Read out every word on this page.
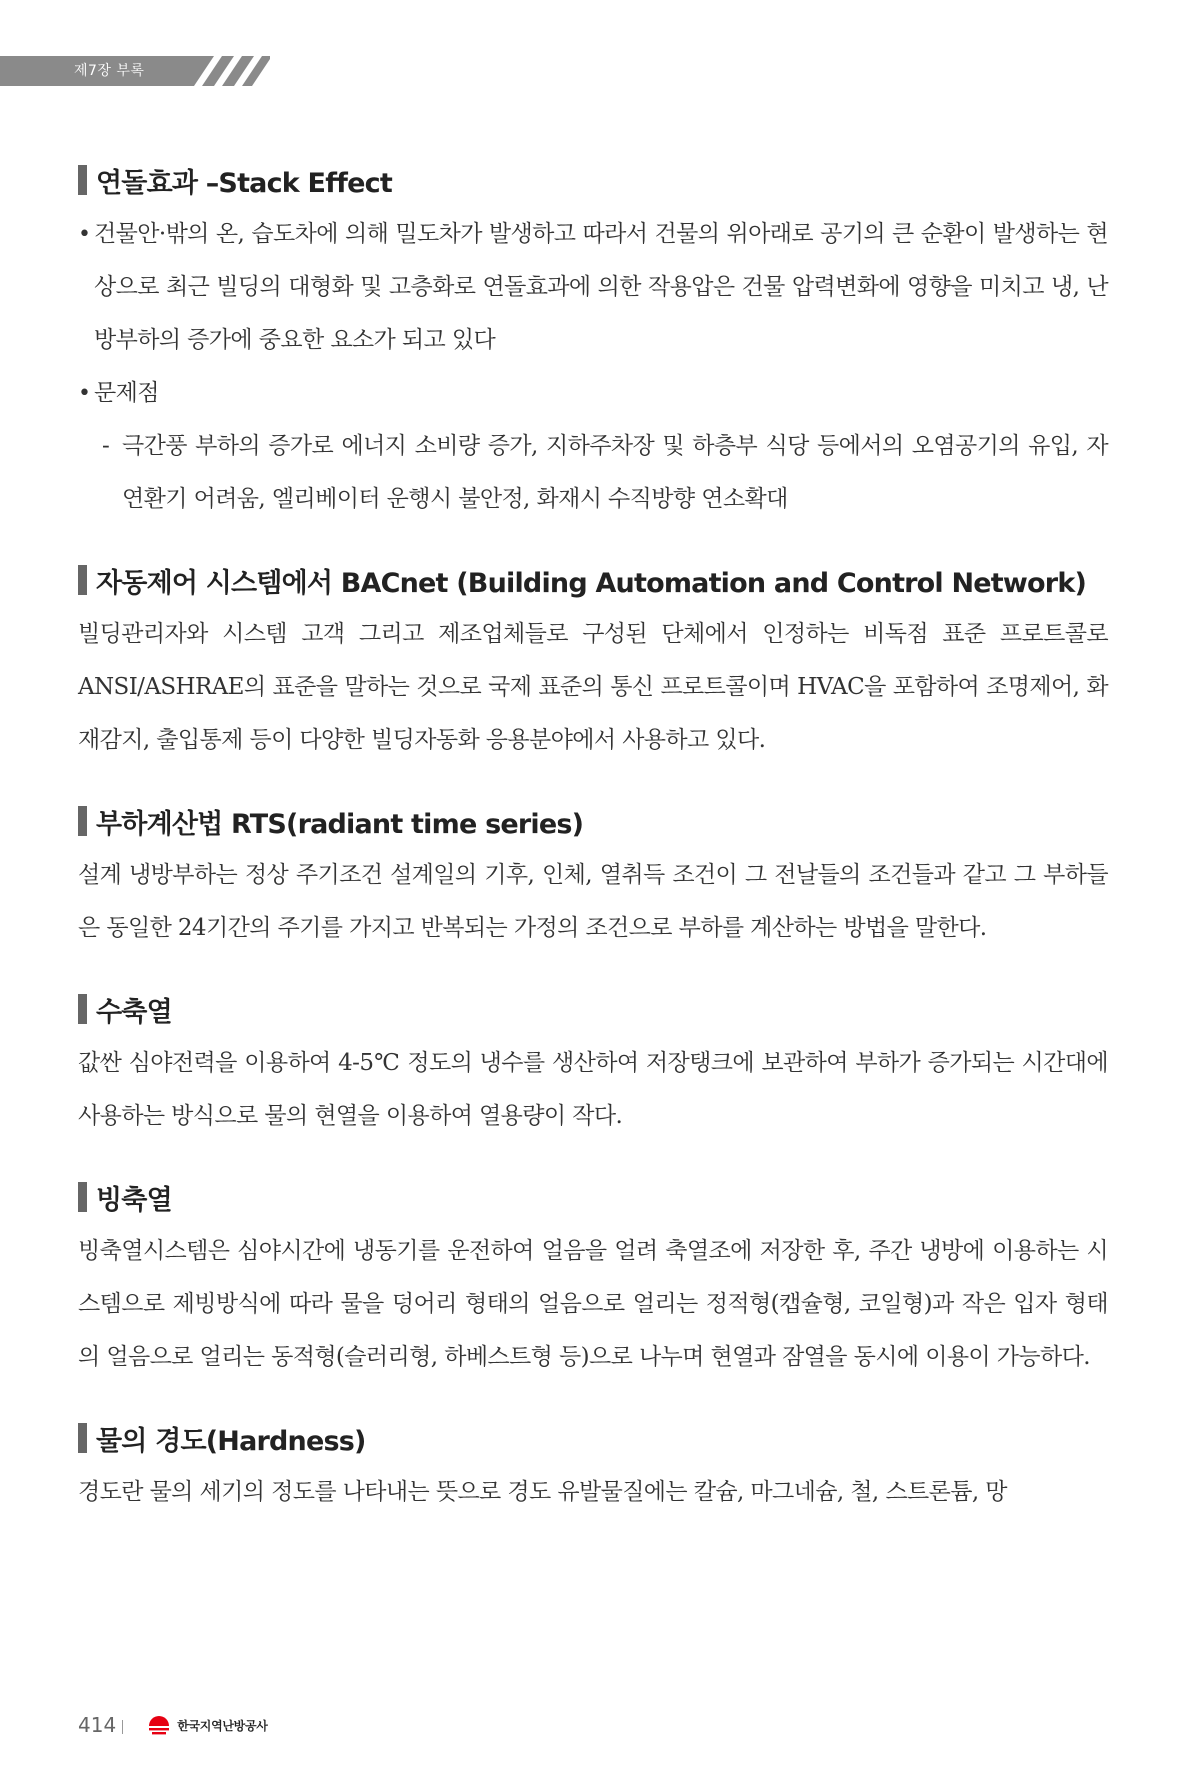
제7장 부록
연돌효과 –Stack Effect
• 건물안·밖의 온, 습도차에 의해 밀도차가 발생하고 따라서 건물의 위아래로 공기의 큰 순환이 발생하는 현상으로 최근 빌딩의 대형화 및 고층화로 연돌효과에 의한 작용압은 건물 압력변화에 영향을 미치고 냉, 난방부하의 증가에 중요한 요소가 되고 있다

• 문제점

- 극간풍 부하의 증가로 에너지 소비량 증가, 지하주차장 및 하층부 식당 등에서의 오염공기의 유입, 자연환기 어려움, 엘리베이터 운행시 불안정, 화재시 수직방향 연소확대

자동제어 시스템에서 BACnet (Building Automation and Control Network)

빌딩관리자와 시스템 고객 그리고 제조업체들로 구성된 단체에서 인정하는 비독점 표준 프로트콜로 ANSI/ASHRAE의 표준을 말하는 것으로 국제 표준의 통신 프로트콜이며 HVAC을 포함하여 조명제어, 화재감지, 출입통제 등이 다양한 빌딩자동화 응용분야에서 사용하고 있다.

부하계산법 RTS(radiant time series)

설계 냉방부하는 정상 주기조건 설계일의 기후, 인체, 열취득 조건이 그 전날들의 조건들과 같고 그 부하들은 동일한 24기간의 주기를 가지고 반복되는 가정의 조건으로 부하를 계산하는 방법을 말한다.

수축열

값싼 심야전력을 이용하여 4-5℃ 정도의 냉수를 생산하여 저장탱크에 보관하여 부하가 증가되는 시간대에 사용하는 방식으로 물의 현열을 이용하여 열용량이 작다.

빙축열

빙축열시스템은 심야시간에 냉동기를 운전하여 얼음을 얼려 축열조에 저장한 후, 주간 냉방에 이용하는 시스템으로 제빙방식에 따라 물을 덩어리 형태의 얼음으로 얼리는 정적형(캡슐형, 코일형)과 작은 입자 형태의 얼음으로 얼리는 동적형(슬러리형, 하베스트형 등)으로 나누며 현열과 잠열을 동시에 이용이 가능하다.

물의 경도(Hardness)

경도란 물의 세기의 정도를 나타내는 뜻으로 경도 유발물질에는 칼슘, 마그네슘, 철, 스트론튬, 망

414	한국지역난방공사
